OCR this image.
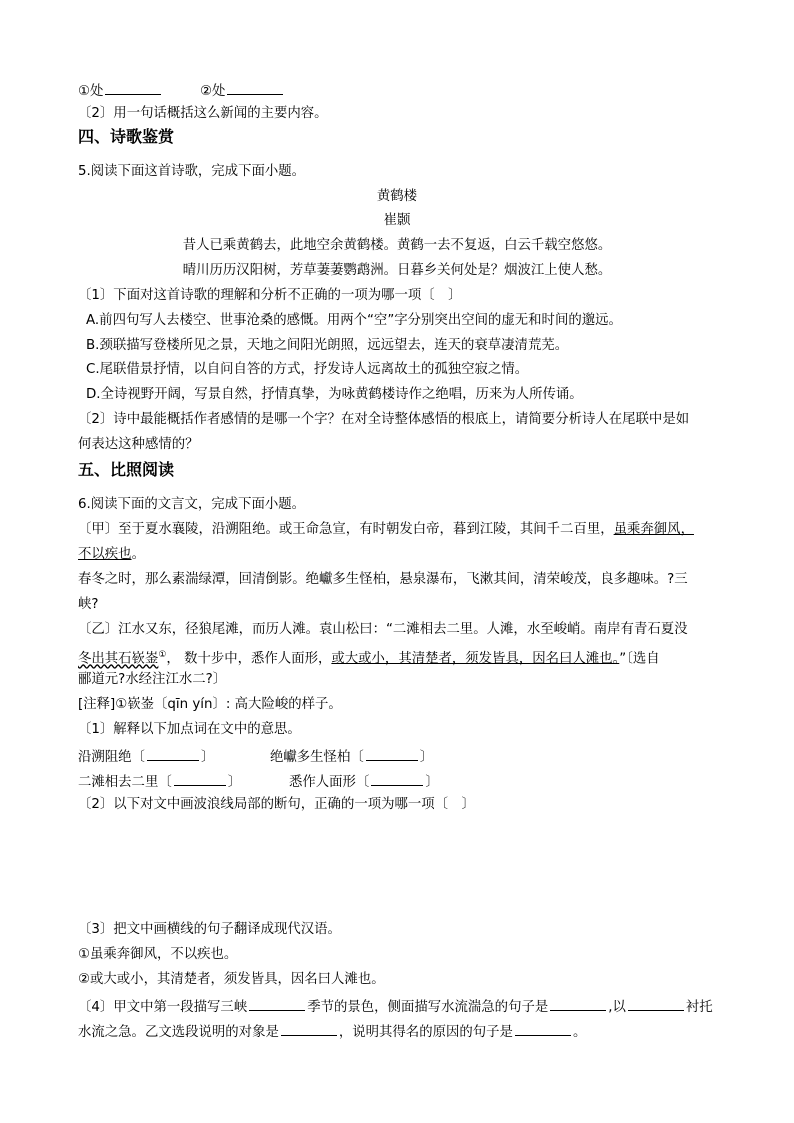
①处	②处
〔2〕用一句话概括这么新闻的主要内容。
四、诗歌鉴赏
5.阅读下面这首诗歌，完成下面小题。
黄鹤楼
崔颢
昔人已乘黄鹤去，此地空余黄鹤楼。黄鹤一去不复返，白云千载空悠悠。
晴川历历汉阳树，芳草萋萋鹦鹉洲。日暮乡关何处是？烟波江上使人愁。
〔1〕下面对这首诗歌的理解和分析不正确的一项为哪一项〔　〕
A.前四句写人去楼空、世事沧桑的感慨。用两个“空”字分别突出空间的虚无和时间的邈远。
B.颈联描写登楼所见之景，天地之间阳光朗照，远远望去，连天的衰草凄清荒芜。
C.尾联借景抒情，以自问自答的方式，抒发诗人远离故土的孤独空寂之情。
D.全诗视野开阔，写景自然，抒情真挚，为咏黄鹤楼诗作之绝唱，历来为人所传诵。
〔2〕诗中最能概括作者感情的是哪一个字？在对全诗整体感悟的根底上，请简要分析诗人在尾联中是如
何表达这种感情的？
五、比照阅读
6.阅读下面的文言文，完成下面小题。
〔甲〕至于夏水襄陵，沿溯阻绝。或王命急宣，有时朝发白帝，暮到江陵，其间千二百里，虽乘奔御风，
不以疾也。
春冬之时，那么素湍绿潭，回清倒影。绝巘多生怪柏，悬泉瀑布，飞漱其间，清荣峻茂，良多趣味。?三
峡?
〔乙〕江水又东，径狼尾滩，而历人滩。袁山松曰：“二滩相去二里。人滩，水至峻峭。南岸有青石夏没
冬出其石嵚崟①， 数十步中，悉作人面形，或大或小，其清楚者，须发皆具，因名曰人滩也。”〔选自
郦道元?水经注江水二?〕
[注释]①嵚崟〔qīn yín〕: 高大险峻的样子。
〔1〕解释以下加点词在文中的意思。
沿溯阻绝〔	〕	绝巘多生怪柏〔	〕
二滩相去二里〔	〕	悉作人面形〔	〕
〔2〕以下对文中画波浪线局部的断句，正确的一项为哪一项〔　〕
〔3〕把文中画横线的句子翻译成现代汉语。
①虽乘奔御风，不以疾也。
②或大或小，其清楚者，须发皆具，因名曰人滩也。
〔4〕甲文中第一段描写三峡	季节的景色，侧面描写水流湍急的句子是	,以	衬托
水流之急。乙文选段说明的对象是	，说明其得名的原因的句子是	。
